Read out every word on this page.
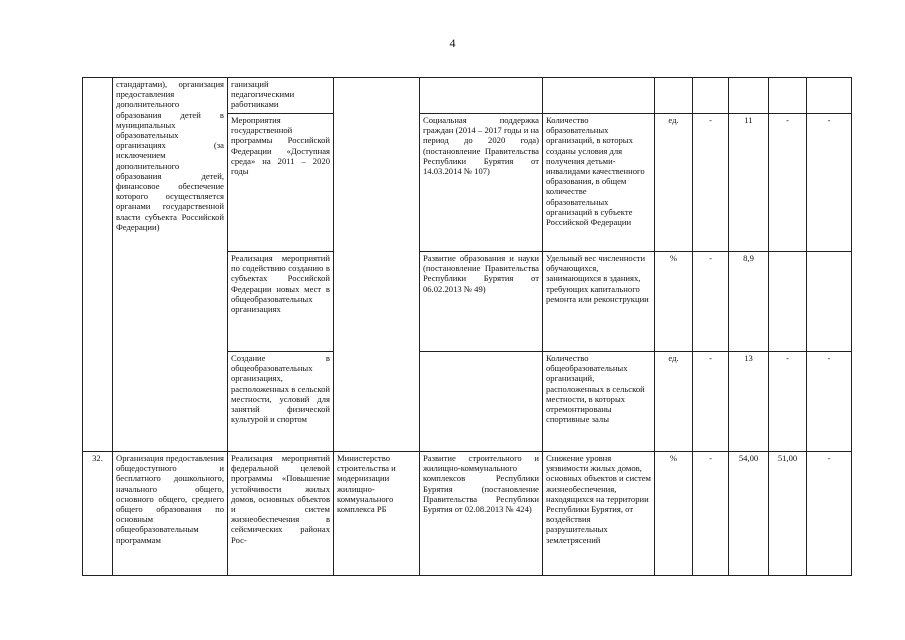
4
	стандартами), организация предоставления дополнительного образования детей в муниципальных образовательных организациях (за исключением дополнительного образования детей, финансовое обеспечение которого осуществляется органами государственной власти субъекта Российской Федерации)	ганизаций педагогическими работниками								
		Мероприятия государственной программы Российской Федерации «Доступная среда» на 2011 – 2020 годы		Социальная поддержка граждан (2014 – 2017 годы и на период до 2020 года) (постановление Правительства Республики Бурятия от 14.03.2014 № 107)	Количество образовательных организаций, в которых созданы условия для получения детьми-инвалидами качественного образования, в общем количестве образовательных организаций в субъекте Российской Федерации	ед.	-	11	-	-
		Реализация мероприятий по содействию созданию в субъектах Российской Федерации новых мест в общеобразовательных организациях		Развитие образования и науки (постановление Правительства Республики Бурятия от 06.02.2013 № 49)	Удельный вес численности обучающихся, занимающихся в зданиях, требующих капитального ремонта или реконструкции	%	-	8,9		
		Создание в общеобразовательных организациях, расположенных в сельской местности, условий для занятий физической культурой и спортом			Количество общеобразовательных организаций, расположенных в сельской местности, в которых отремонтированы спортивные залы	ед.	-	13	-	-
32.	Организация предоставления общедоступного и бесплатного дошкольного, начального общего, основного общего, среднего общего образования по основным общеобразовательным программам	Реализация мероприятий федеральной целевой программы «Повышение устойчивости жилых домов, основных объектов и систем жизнеобеспечения в сейсмических районах Рос-	Министерство строительства и модернизации жилищно-коммунального комплекса РБ	Развитие строительного и жилищно-коммунального комплексов Республики Бурятия (постановление Правительства Республики Бурятия от 02.08.2013 № 424)	Снижение уровня уязвимости жилых домов, основных объектов и систем жизнеобеспечения, находящихся на территории Республики Бурятия, от воздействия разрушительных землетрясений	%	-	54,00	51,00	-
